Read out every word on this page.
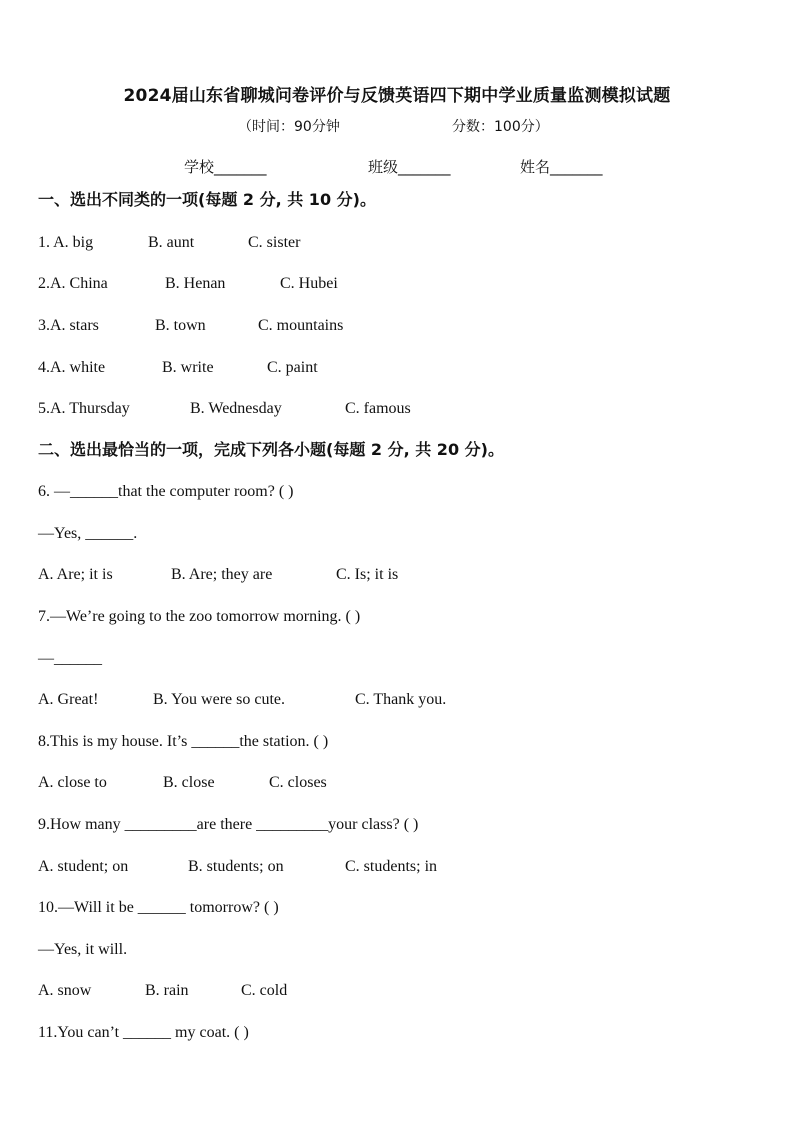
2024届山东省聊城问卷评价与反馈英语四下期中学业质量监测模拟试题
（时间：90分钟	分数：100分）
学校_______	班级_______	姓名_______
一、选出不同类的一项(每题 2 分, 共 10 分)。
1. A. big	B. aunt	C. sister
2.A. China	B. Henan	C. Hubei
3.A. stars	B. town	C. mountains
4.A. white	B. write	C. paint
5.A. Thursday	B. Wednesday	C. famous
二、选出最恰当的一项，完成下列各小题(每题 2 分, 共 20 分)。
6. —______that the computer room? ( )
—Yes, ______.
A. Are; it is	B. Are; they are	C. Is; it is
7.—We’re going to the zoo tomorrow morning. ( )
—______
A. Great!	B. You were so cute.	C. Thank you.
8.This is my house. It’s ______the station. ( )
A. close to	B. close	C. closes
9.How many _________are there _________your class? ( )
A. student; on	B. students; on	C. students; in
10.—Will it be ______ tomorrow? ( )
—Yes, it will.
A. snow	B. rain	C. cold
11.You can’t ______ my coat. ( )
